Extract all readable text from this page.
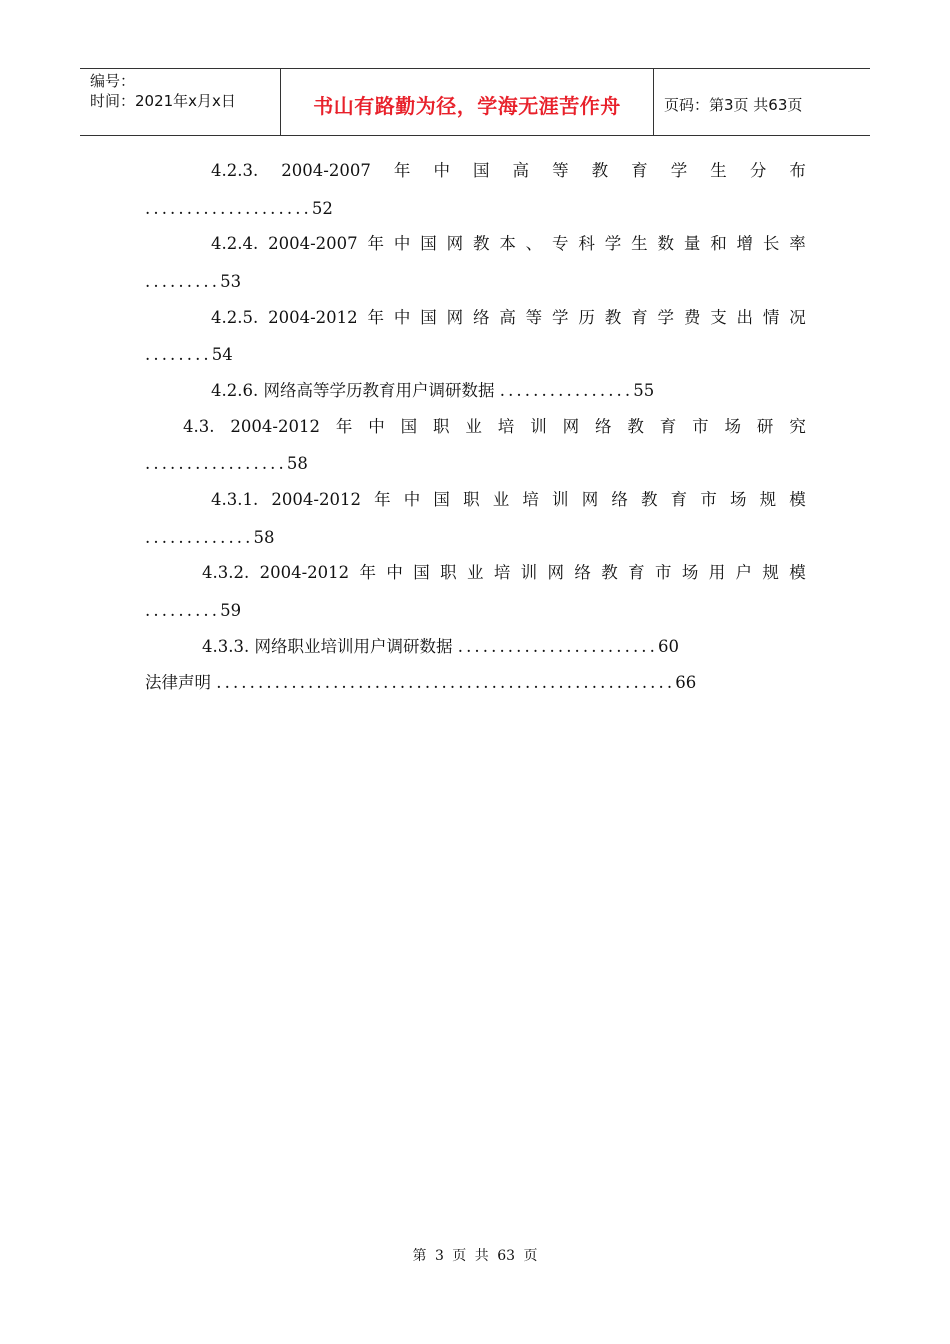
编号：
时间：2021年x月x日	书山有路勤为径，学海无涯苦作舟	页码：第3页 共63页
4.2.3. 2004-2007 年 中 国 高 等 教 育 学 生 分 布
....................52
4.2.4. 2004-2007 年 中 国 网 教 本 、 专 科 学 生 数 量 和 增 长 率
.........53
4.2.5. 2004-2012 年 中 国 网 络 高 等 学 历 教 育 学 费 支 出 情 况
........54
4.2.6. 网络高等学历教育用户调研数据 ................55
4.3. 2004-2012 年 中 国 职 业 培 训 网 络 教 育 市 场 研 究
.................58
4.3.1. 2004-2012 年 中 国 职 业 培 训 网 络 教 育 市 场 规 模
.............58
4.3.2. 2004-2012 年 中 国 职 业 培 训 网 络 教 育 市 场 用 户 规 模
.........59
4.3.3. 网络职业培训用户调研数据 ........................60
法律声明 .......................................................66
第 3 页 共 63 页
